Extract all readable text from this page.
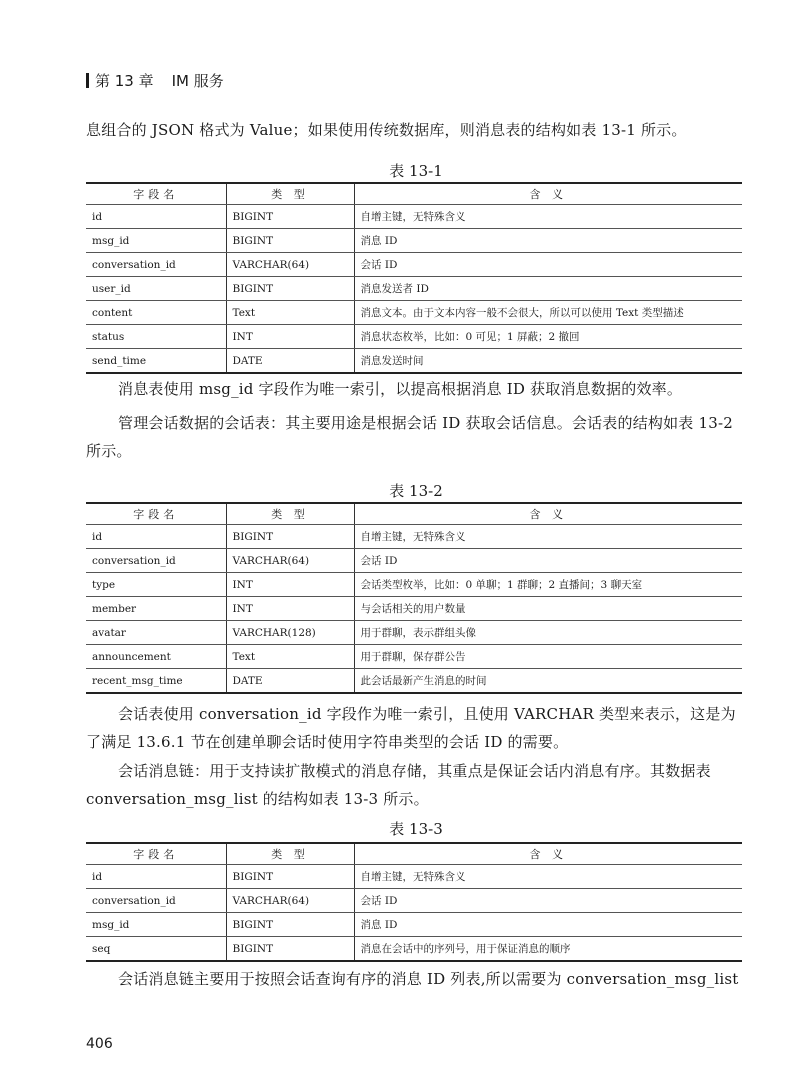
第 13 章 IM 服务

息组合的 JSON 格式为 Value；如果使用传统数据库，则消息表的结构如表 13-1 所示。

表 13-1
字段名	类 型	含 义
id	BIGINT	自增主键，无特殊含义
msg_id	BIGINT	消息 ID
conversation_id	VARCHAR(64)	会话 ID
user_id	BIGINT	消息发送者 ID
content	Text	消息文本。由于文本内容一般不会很大，所以可以使用 Text 类型描述
status	INT	消息状态枚举，比如：0 可见；1 屏蔽；2 撤回
send_time	DATE	消息发送时间

消息表使用 msg_id 字段作为唯一索引，以提高根据消息 ID 获取消息数据的效率。

管理会话数据的会话表：其主要用途是根据会话 ID 获取会话信息。会话表的结构如表 13-2 所示。

表 13-2
字段名	类 型	含 义
id	BIGINT	自增主键，无特殊含义
conversation_id	VARCHAR(64)	会话 ID
type	INT	会话类型枚举，比如：0 单聊；1 群聊；2 直播间；3 聊天室
member	INT	与会话相关的用户数量
avatar	VARCHAR(128)	用于群聊，表示群组头像
announcement	Text	用于群聊，保存群公告
recent_msg_time	DATE	此会话最新产生消息的时间

会话表使用 conversation_id 字段作为唯一索引，且使用 VARCHAR 类型来表示，这是为了满足 13.6.1 节在创建单聊会话时使用字符串类型的会话 ID 的需要。

会话消息链：用于支持读扩散模式的消息存储，其重点是保证会话内消息有序。其数据表 conversation_msg_list 的结构如表 13-3 所示。

表 13-3
字段名	类 型	含 义
id	BIGINT	自增主键，无特殊含义
conversation_id	VARCHAR(64)	会话 ID
msg_id	BIGINT	消息 ID
seq	BIGINT	消息在会话中的序列号，用于保证消息的顺序

会话消息链主要用于按照会话查询有序的消息 ID 列表,所以需要为 conversation_msg_list

406
